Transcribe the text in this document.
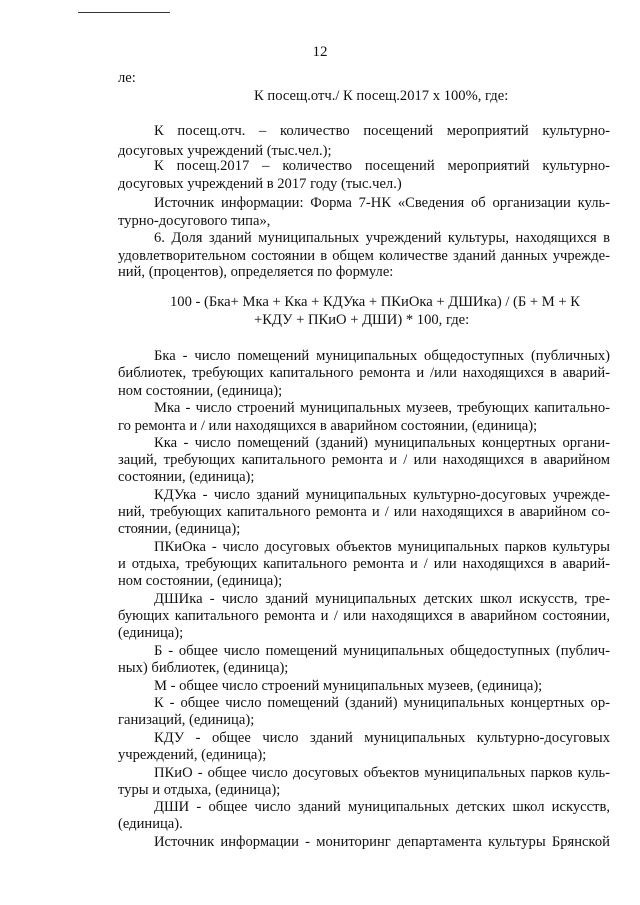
12
ле:
К посещ.отч./ К посещ.2017 х 100%, где:
К посещ.отч. – количество посещений мероприятий культурно-
досуговых учреждений (тыс.чел.);
К посещ.2017 – количество посещений мероприятий культурно-
досуговых учреждений в 2017 году (тыс.чел.)
Источник информации: Форма 7-НК «Сведения об организации куль-
турно-досугового типа»,
6. Доля зданий муниципальных учреждений культуры, находящихся в
удовлетворительном состоянии в общем количестве зданий данных учрежде-
ний, (процентов), определяется по формуле:
100 - (Бка+ Мка + Кка + КДУка + ПКиОка + ДШИка) / (Б + М + К
+КДУ + ПКиО + ДШИ) * 100, где:
Бка - число помещений муниципальных общедоступных (публичных)
библиотек, требующих капитального ремонта и /или находящихся в аварий-
ном состоянии, (единица);
Мка - число строений муниципальных музеев, требующих капитально-
го ремонта и / или находящихся в аварийном состоянии, (единица);
Кка - число помещений (зданий) муниципальных концертных органи-
заций, требующих капитального ремонта и / или находящихся в аварийном
состоянии, (единица);
КДУка - число зданий муниципальных культурно-досуговых учрежде-
ний, требующих капитального ремонта и / или находящихся в аварийном со-
стоянии, (единица);
ПКиОка - число досуговых объектов муниципальных парков культуры
и отдыха, требующих капитального ремонта и / или находящихся в аварий-
ном состоянии, (единица);
ДШИка - число зданий муниципальных детских школ искусств, тре-
бующих капитального ремонта и / или находящихся в аварийном состоянии,
(единица);
Б - общее число помещений муниципальных общедоступных (публич-
ных) библиотек, (единица);
М - общее число строений муниципальных музеев, (единица);
К - общее число помещений (зданий) муниципальных концертных ор-
ганизаций, (единица);
КДУ - общее число зданий муниципальных культурно-досуговых
учреждений, (единица);
ПКиО - общее число досуговых объектов муниципальных парков куль-
туры и отдыха, (единица);
ДШИ - общее число зданий муниципальных детских школ искусств,
(единица).
Источник информации - мониторинг департамента культуры Брянской
